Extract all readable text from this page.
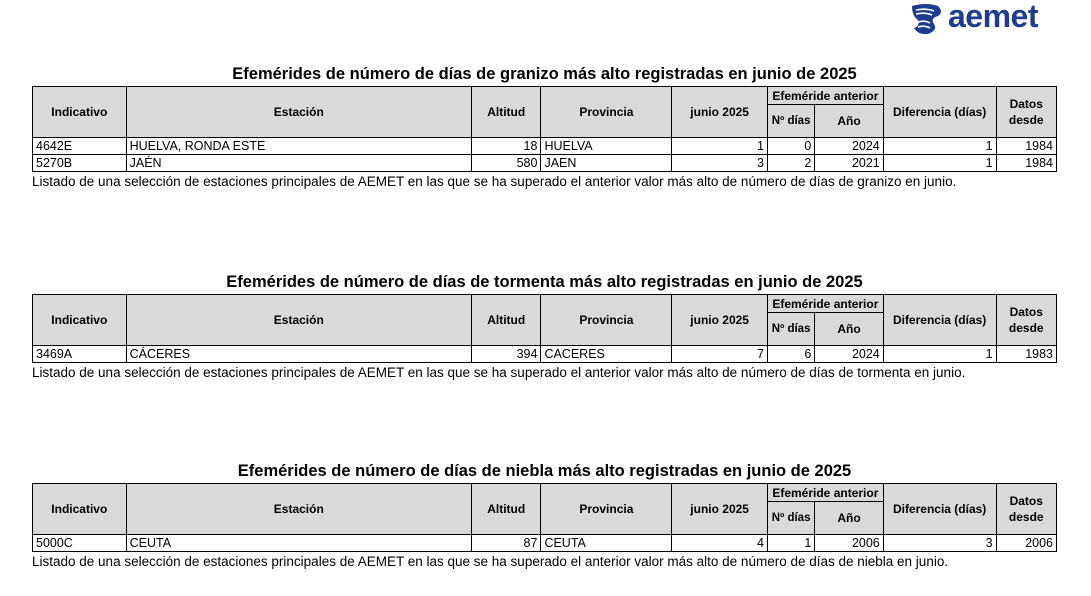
aemet
Efemérides de número de días de granizo más alto registradas en junio de 2025
Indicativo	Estación	Altitud	Provincia	junio 2025	Efeméride anterior		Diferencia (días)	Datos desde
					Nº días	Año		
4642E	HUELVA, RONDA ESTE	18	HUELVA	1	0	2024	1	1984
5270B	JAÉN	580	JAEN	3	2	2021	1	1984
Listado de una selección de estaciones principales de AEMET en las que se ha superado el anterior valor más alto de número de días de granizo en junio.
Efemérides de número de días de tormenta más alto registradas en junio de 2025
Indicativo	Estación	Altitud	Provincia	junio 2025	Efeméride anterior		Diferencia (días)	Datos desde
					Nº días	Año		
3469A	CÁCERES	394	CACERES	7	6	2024	1	1983
Listado de una selección de estaciones principales de AEMET en las que se ha superado el anterior valor más alto de número de días de tormenta en junio.
Efemérides de número de días de niebla más alto registradas en junio de 2025
Indicativo	Estación	Altitud	Provincia	junio 2025	Efeméride anterior		Diferencia (días)	Datos desde
					Nº días	Año		
5000C	CEUTA	87	CEUTA	4	1	2006	3	2006
Listado de una selección de estaciones principales de AEMET en las que se ha superado el anterior valor más alto de número de días de niebla en junio.
